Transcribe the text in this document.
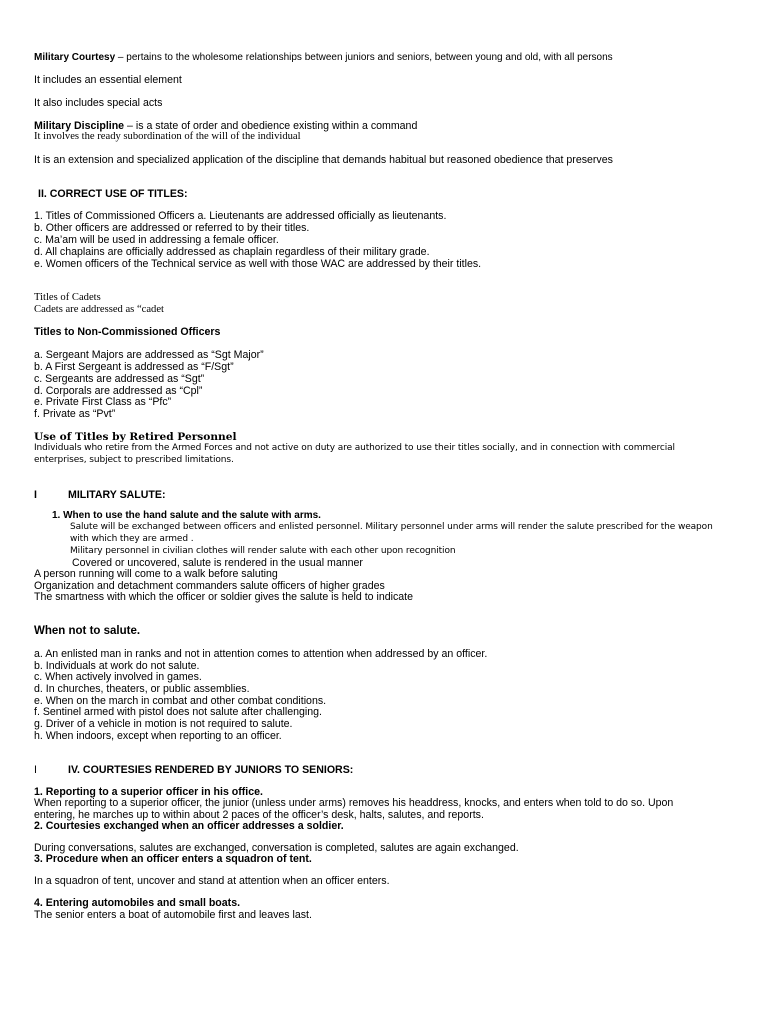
Military Courtesy – pertains to the wholesome relationships between juniors and seniors, between young and old, with all persons
It includes an essential element
It also includes special acts
Military Discipline – is a state of order and obedience existing within a command
It involves the ready subordination of the will of the individual
It is an extension and specialized application of the discipline that demands habitual but reasoned obedience that preserves
II. CORRECT USE OF TITLES:
1. Titles of Commissioned Officers a. Lieutenants are addressed officially as lieutenants.
b. Other officers are addressed or referred to by their titles.
c. Ma’am will be used in addressing a female officer.
d. All chaplains are officially addressed as chaplain regardless of their military grade.
e. Women officers of the Technical service as well with those WAC are addressed by their titles.
Titles of Cadets
Cadets are addressed as “cadet
Titles to Non-Commissioned Officers
a. Sergeant Majors are addressed as “Sgt Major”
b. A First Sergeant is addressed as “F/Sgt”
c. Sergeants are addressed as “Sgt”
d. Corporals are addressed as “Cpl”
e. Private First Class as “Pfc”
f. Private as “Pvt”
Use of Titles by Retired Personnel
Individuals who retire from the Armed Forces and not active on duty are authorized to use their titles socially, and in connection with commercial
enterprises, subject to prescribed limitations.
I	MILITARY SALUTE:
1. When to use the hand salute and the salute with arms.
Salute will be exchanged between officers and enlisted personnel. Military personnel under arms will render the salute prescribed for the weapon
with which they are armed .
Military personnel in civilian clothes will render salute with each other upon recognition
Covered or uncovered, salute is rendered in the usual manner
A person running will come to a walk before saluting
Organization and detachment commanders salute officers of higher grades
The smartness with which the officer or soldier gives the salute is held to indicate
When not to salute.
a. An enlisted man in ranks and not in attention comes to attention when addressed by an officer.
b. Individuals at work do not salute.
c. When actively involved in games.
d. In churches, theaters, or public assemblies.
e. When on the march in combat and other combat conditions.
f. Sentinel armed with pistol does not salute after challenging.
g. Driver of a vehicle in motion is not required to salute.
h. When indoors, except when reporting to an officer.
I	IV. COURTESIES RENDERED BY JUNIORS TO SENIORS:
1. Reporting to a superior officer in his office.
When reporting to a superior officer, the junior (unless under arms) removes his headdress, knocks, and enters when told to do so. Upon
entering, he marches up to within about 2 paces of the officer’s desk, halts, salutes, and reports.
2. Courtesies exchanged when an officer addresses a soldier.
During conversations, salutes are exchanged, conversation is completed, salutes are again exchanged.
3. Procedure when an officer enters a squadron of tent.
In a squadron of tent, uncover and stand at attention when an officer enters.
4. Entering automobiles and small boats.
The senior enters a boat of automobile first and leaves last.
